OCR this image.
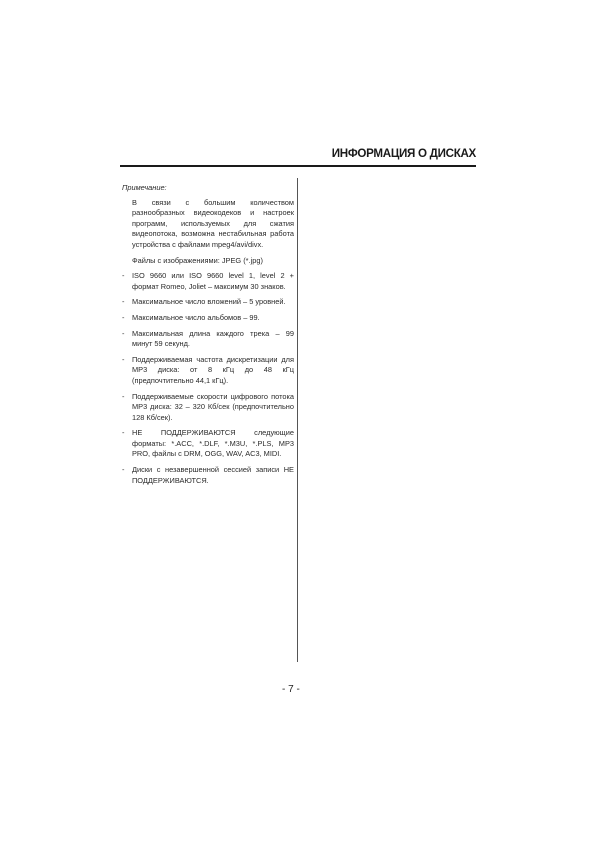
ИНФОРМАЦИЯ О ДИСКАХ
Примечание:

В связи с большим количеством разнообразных видеокодеков и настроек программ, используемых для сжатия видеопотока, возможна нестабильная работа устройства с файлами mpeg4/avi/divx.

Файлы с изображениями: JPEG (*.jpg)

- ISO 9660 или ISO 9660 level 1, level 2 + формат Romeo, Joliet – максимум 30 знаков.
- Максимальное число вложений – 5 уровней.
- Максимальное число альбомов – 99.
- Максимальная длина каждого трека – 99 минут 59 секунд.
- Поддерживаемая частота дискретизации для MP3 диска: от 8 кГц до 48 кГц (предпочтительно 44,1 кГц).
- Поддерживаемые скорости цифрового потока MP3 диска: 32 – 320 Кб/сек (предпочтительно 128 Кб/сек).
- НЕ ПОДДЕРЖИВАЮТСЯ следующие форматы: *.ACC, *.DLF, *.M3U, *.PLS, MP3 PRO, файлы с DRM, OGG, WAV, AC3, MIDI.
- Диски с незавершенной сессией записи НЕ ПОДДЕРЖИВАЮТСЯ.
- 7 -
